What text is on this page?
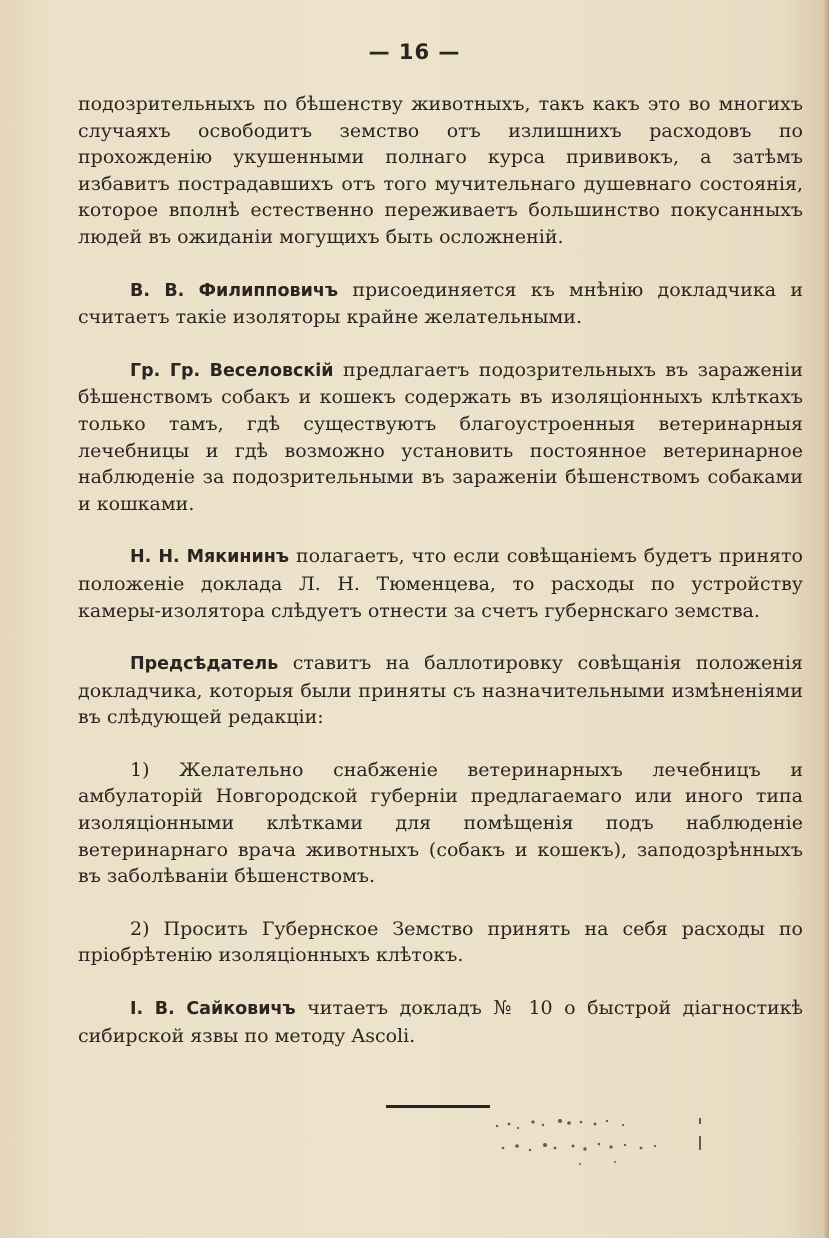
— 16 —

подозрительныхъ по бѣшенству животныхъ, такъ какъ это во многихъ случаяхъ освободитъ земство отъ излишнихъ расходовъ по прохожденію укушенными полнаго курса прививокъ, а затѣмъ избавитъ пострадавшихъ отъ того мучительнаго душевнаго состоянія, которое вполнѣ естественно переживаетъ большинство покусанныхъ людей въ ожиданіи могущихъ быть осложненій.

В. В. Филипповичъ присоединяется къ мнѣнію докладчика и считаетъ такіе изоляторы крайне желательными.

Гр. Гр. Веселовскій предлагаетъ подозрительныхъ въ зараженіи бѣшенствомъ собакъ и кошекъ содержать въ изоляціонныхъ клѣткахъ только тамъ, гдѣ существуютъ благоустроенныя ветеринарныя лечебницы и гдѣ возможно установить постоянное ветеринарное наблюденіе за подозрительными въ зараженіи бѣшенствомъ собаками и кошками.

Н. Н. Мякининъ полагаетъ, что если совѣщаніемъ будетъ принято положеніе доклада Л. Н. Тюменцева, то расходы по устройству камеры-изолятора слѣдуетъ отнести за счетъ губернскаго земства.

Предсѣдатель ставитъ на баллотировку совѣщанія положенія докладчика, которыя были приняты съ назначительными измѣненіями въ слѣдующей редакціи:

1) Желательно снабженіе ветеринарныхъ лечебницъ и амбулаторій Новгородской губерніи предлагаемаго или иного типа изоляціонными клѣтками для помѣщенія подъ наблюденіе ветеринарнаго врача животныхъ (собакъ и кошекъ), заподозрѣнныхъ въ заболѣваніи бѣшенствомъ.

2) Просить Губернское Земство принять на себя расходы по пріобрѣтенію изоляціонныхъ клѣтокъ.

І. В. Сайковичъ читаетъ докладъ № 10 о быстрой діагностикѣ сибирской язвы по методу Ascoli.
